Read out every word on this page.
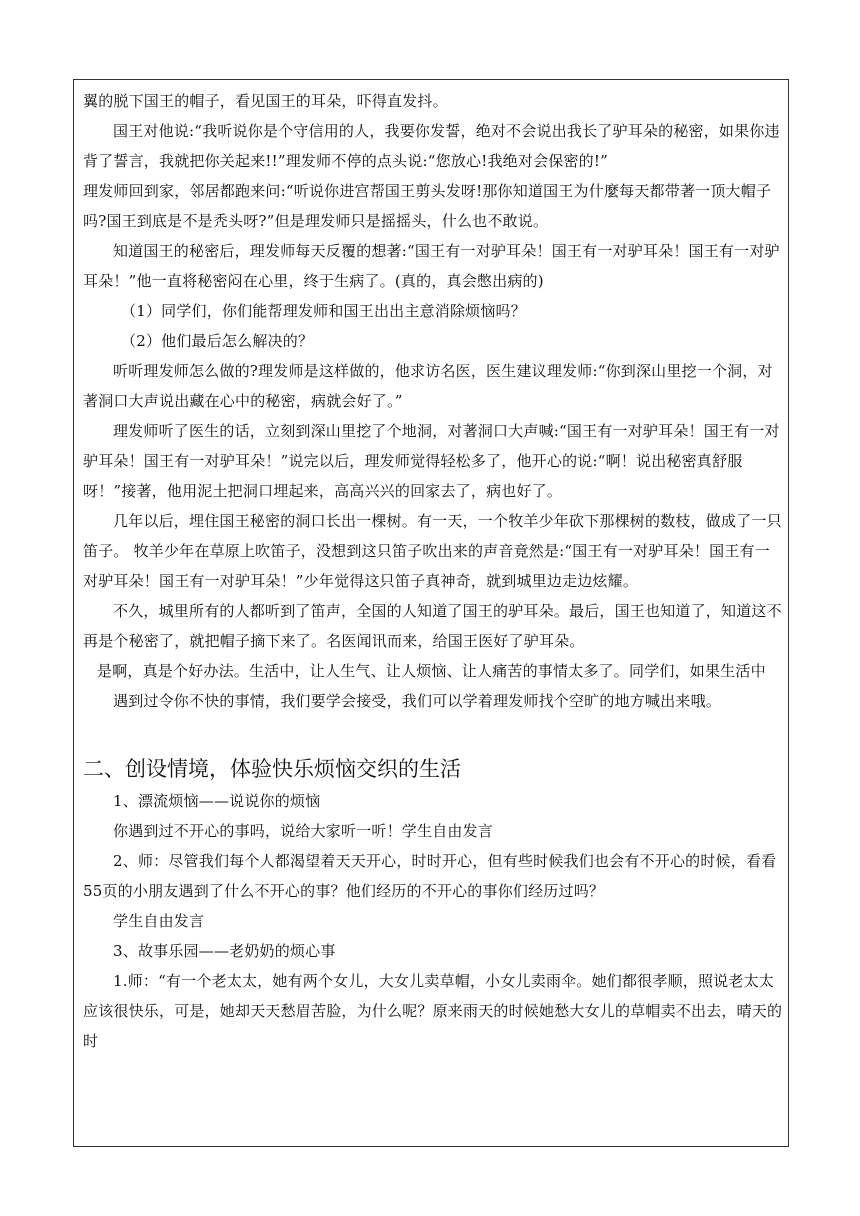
翼的脱下国王的帽子，看见国王的耳朵，吓得直发抖。

国王对他说:“我听说你是个守信用的人，我要你发誓，绝对不会说出我长了驴耳朵的秘密，如果你违背了誓言，我就把你关起来!!”理发师不停的点头说:“您放心!我绝对会保密的!”

理发师回到家，邻居都跑来问:“听说你进宫帮国王剪头发呀!那你知道国王为什麼每天都带著一顶大帽子吗?国王到底是不是秃头呀?”但是理发师只是摇摇头，什么也不敢说。

知道国王的秘密后，理发师每天反覆的想著:“国王有一对驴耳朵！国王有一对驴耳朵！国王有一对驴耳朵！”他一直将秘密闷在心里，终于生病了。(真的，真会憋出病的)

（1）同学们，你们能帮理发师和国王出出主意消除烦恼吗？

（2）他们最后怎么解决的？

听听理发师怎么做的?理发师是这样做的，他求访名医，医生建议理发师:“你到深山里挖一个洞，对著洞口大声说出藏在心中的秘密，病就会好了。”

理发师听了医生的话，立刻到深山里挖了个地洞，对著洞口大声喊:“国王有一对驴耳朵！国王有一对驴耳朵！国王有一对驴耳朵！”说完以后，理发师觉得轻松多了，他开心的说:“啊！说出秘密真舒服呀！”接著，他用泥土把洞口埋起来，高高兴兴的回家去了，病也好了。

几年以后，埋住国王秘密的洞口长出一棵树。有一天，一个牧羊少年砍下那棵树的数枝，做成了一只笛子。 牧羊少年在草原上吹笛子，没想到这只笛子吹出来的声音竟然是:“国王有一对驴耳朵！国王有一对驴耳朵！国王有一对驴耳朵！”少年觉得这只笛子真神奇，就到城里边走边炫耀。

不久，城里所有的人都听到了笛声，全国的人知道了国王的驴耳朵。最后，国王也知道了，知道这不再是个秘密了，就把帽子摘下来了。名医闻讯而来，给国王医好了驴耳朵。

是啊，真是个好办法。生活中，让人生气、让人烦恼、让人痛苦的事情太多了。同学们，如果生活中

遇到过令你不快的事情，我们要学会接受，我们可以学着理发师找个空旷的地方喊出来哦。

二、创设情境，体验快乐烦恼交织的生活

1、漂流烦恼——说说你的烦恼

你遇到过不开心的事吗，说给大家听一听！学生自由发言

2、师：尽管我们每个人都渴望着天天开心，时时开心，但有些时候我们也会有不开心的时候，看看55页的小朋友遇到了什么不开心的事？他们经历的不开心的事你们经历过吗？

学生自由发言

3、故事乐园——老奶奶的烦心事

1.师：“有一个老太太，她有两个女儿，大女儿卖草帽，小女儿卖雨伞。她们都很孝顺，照说老太太应该很快乐，可是，她却天天愁眉苦脸，为什么呢？原来雨天的时候她愁大女儿的草帽卖不出去，晴天的时
